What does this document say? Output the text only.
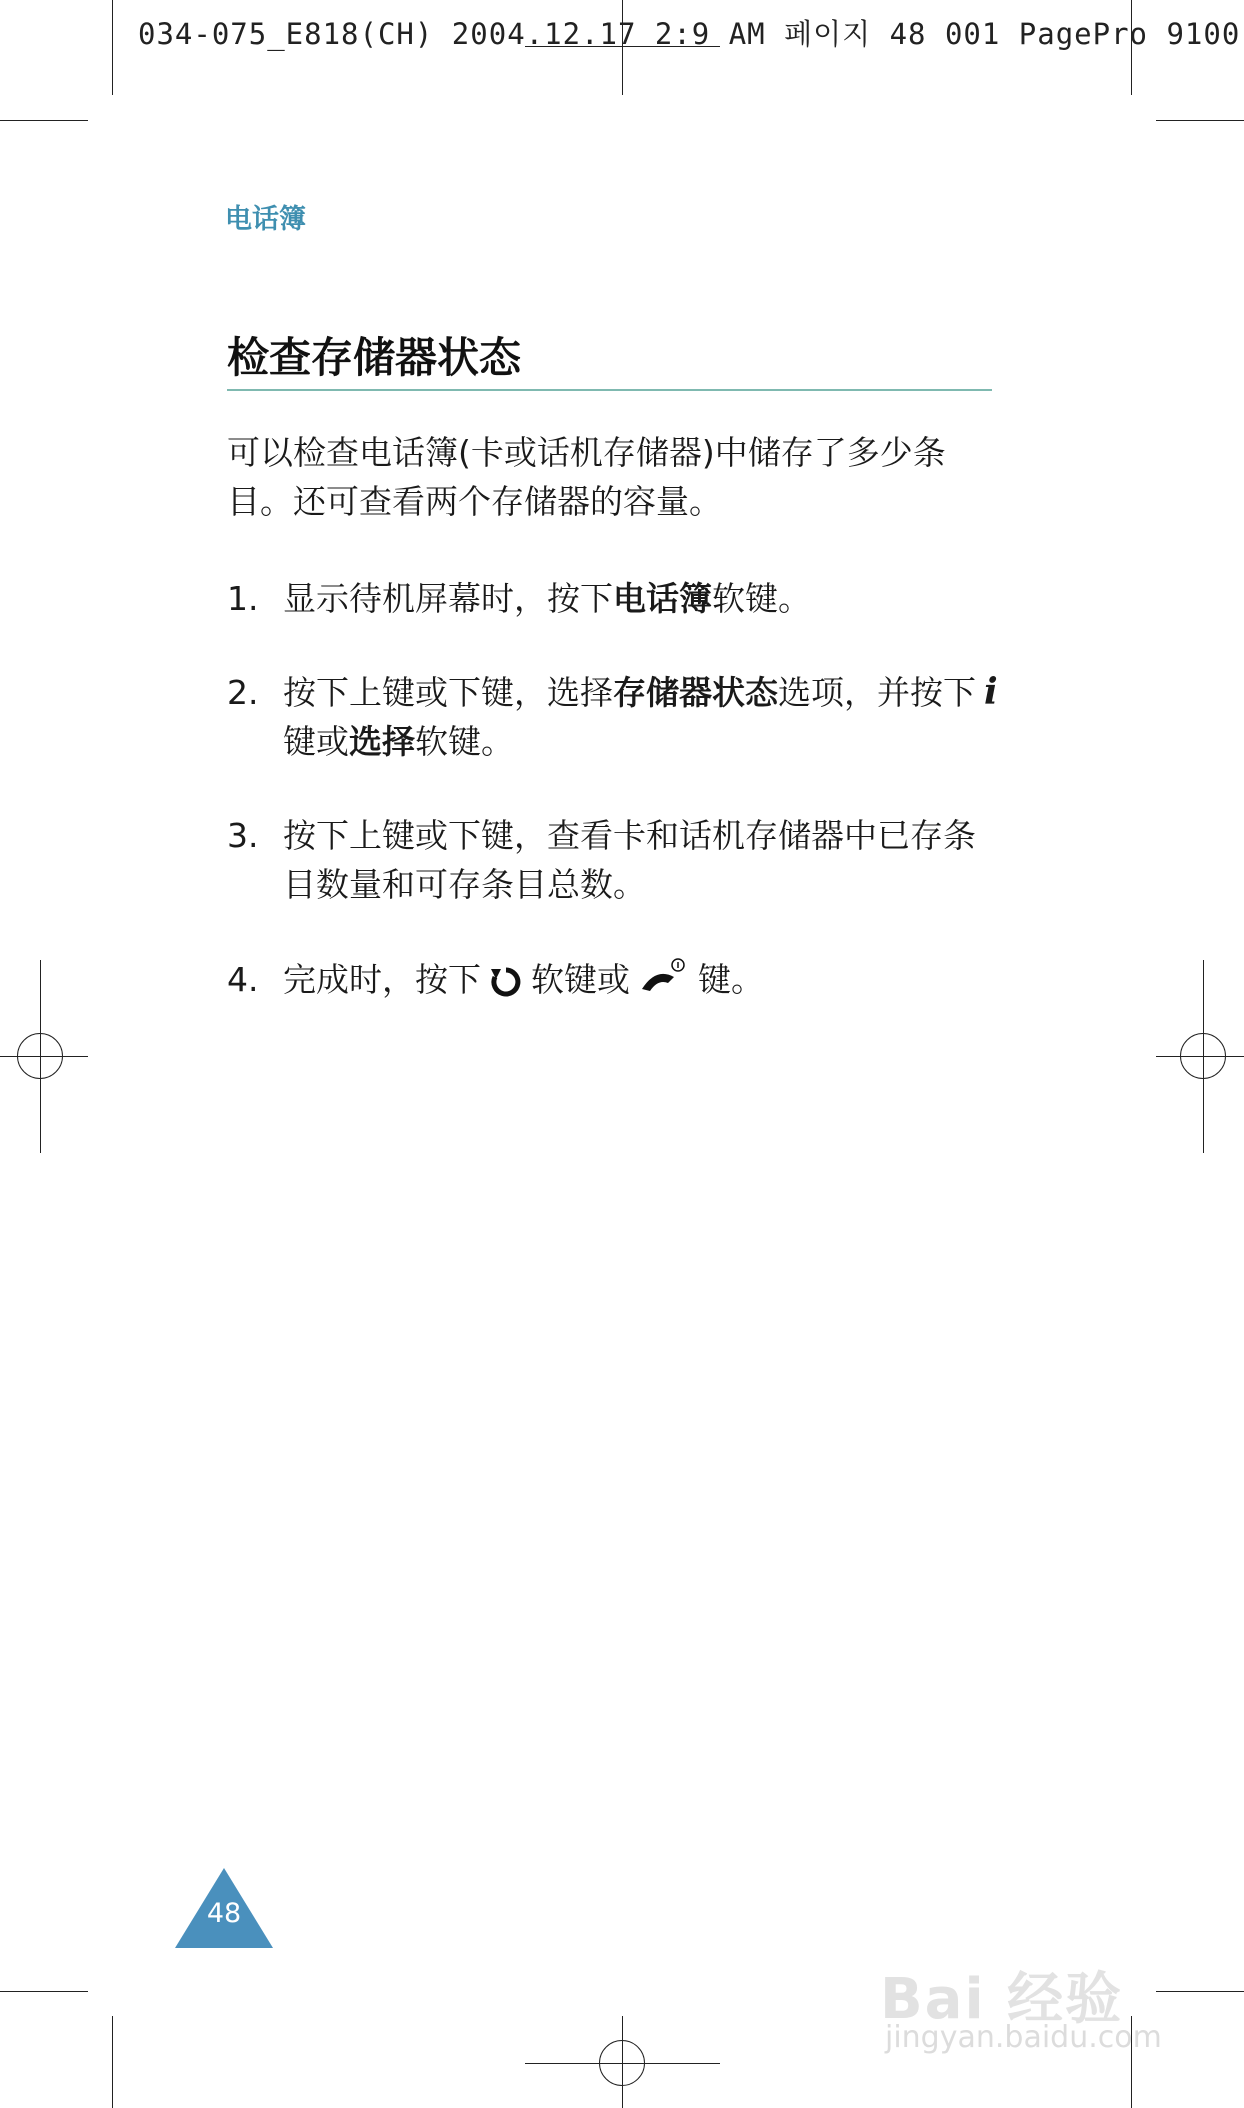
034-075_E818(CH) 2004.12.17 2:9 AM 페이지 48 001 PagePro 9100
电话簿
检查存储器状态
可以检查电话簿(卡或话机存储器)中储存了多少条目。还可查看两个存储器的容量。
1. 显示待机屏幕时，按下电话簿软键。
2. 按下上键或下键，选择存储器状态选项，并按下 i键或选择软键。
3. 按下上键或下键，查看卡和话机存储器中已存条目数量和可存条目总数。
4. 完成时，按下 软键或 键。
48
Bai 经验
jingyan.baidu.com
